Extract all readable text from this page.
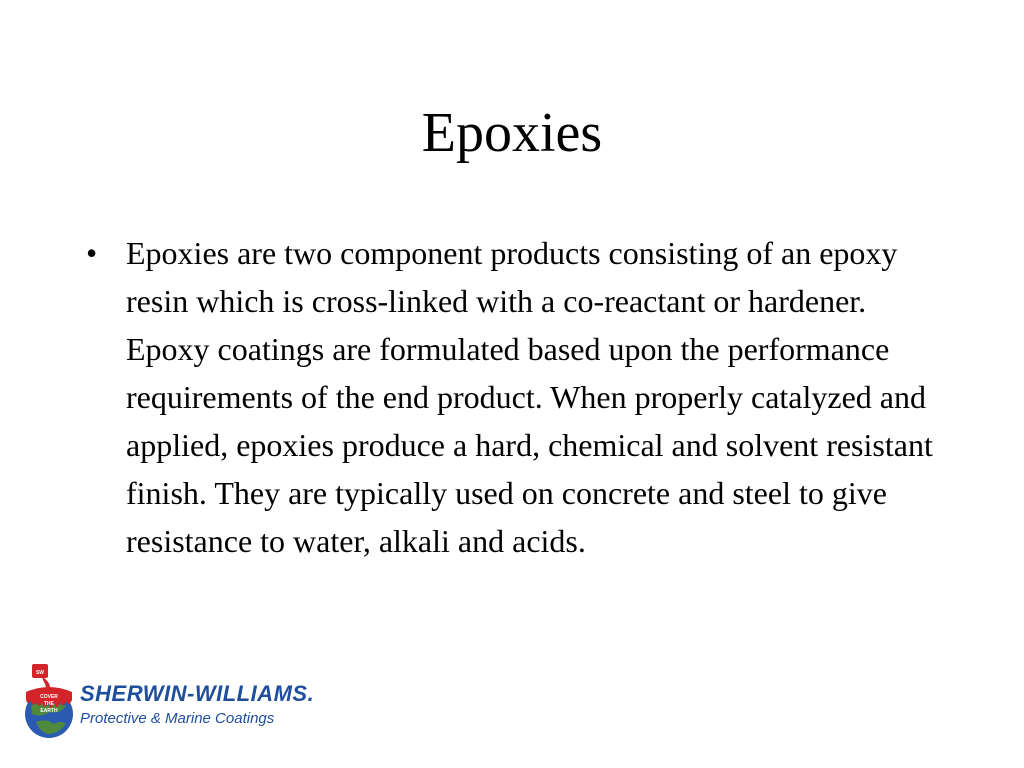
Epoxies
• Epoxies are two component products consisting of an epoxy resin which is cross-linked with a co-reactant or hardener. Epoxy coatings are formulated based upon the performance requirements of the end product. When properly catalyzed and applied, epoxies produce a hard, chemical and solvent resistant finish. They are typically used on concrete and steel to give resistance to water, alkali and acids.
SW
COVER
THE
EARTH
SHERWIN-WILLIAMS.
Protective & Marine Coatings
